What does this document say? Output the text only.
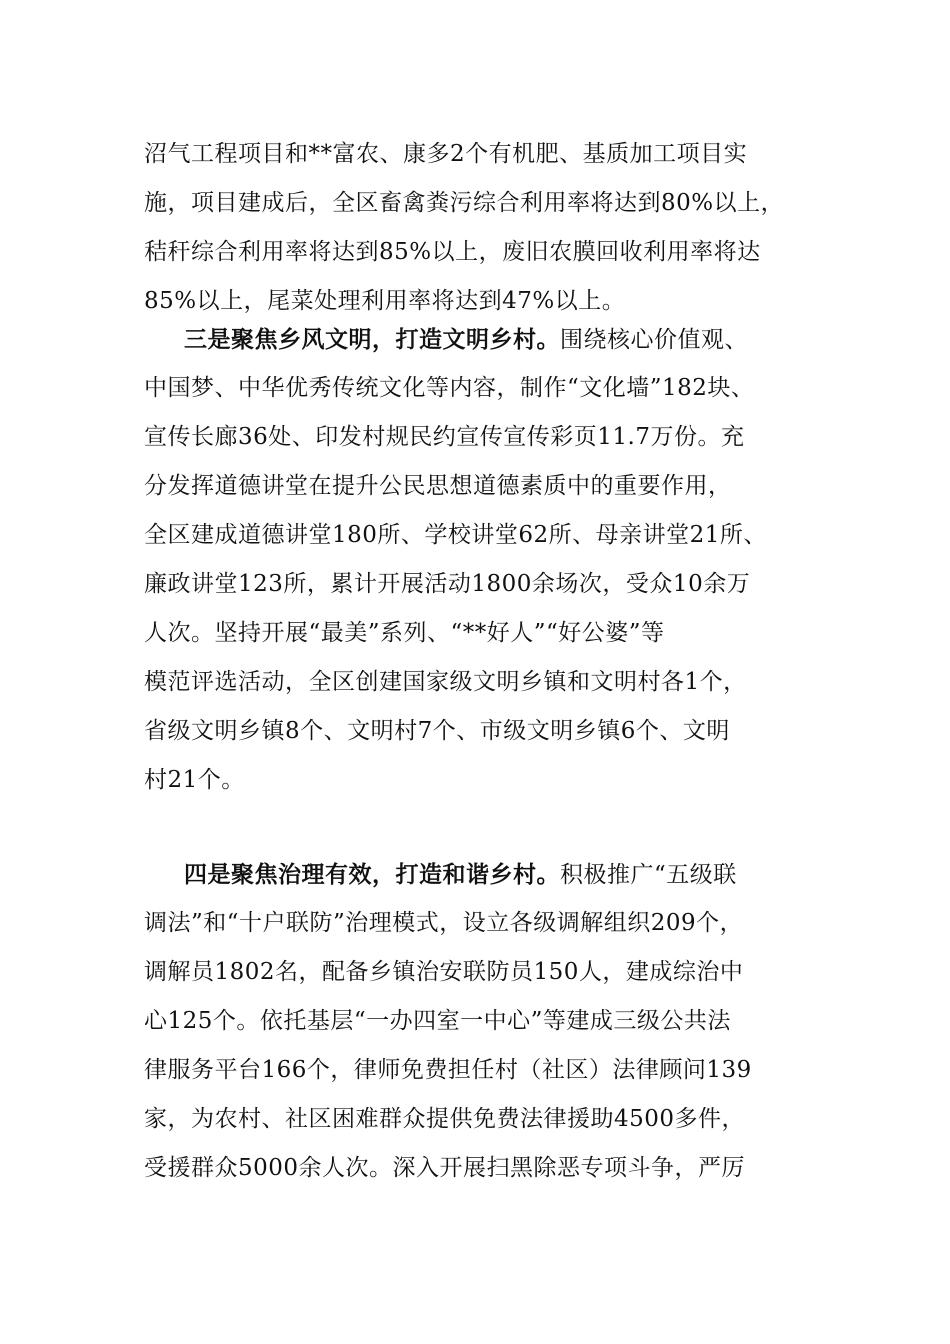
沼气工程项目和**富农、康多2个有机肥、基质加工项目实
施，项目建成后，全区畜禽粪污综合利用率将达到80%以上，
秸秆综合利用率将达到85%以上，废旧农膜回收利用率将达
85%以上，尾菜处理利用率将达到47%以上。
三是聚焦乡风文明，打造文明乡村。围绕核心价值观、
中国梦、中华优秀传统文化等内容，制作“文化墙”182块、
宣传长廊36处、印发村规民约宣传宣传彩页11.7万份。充
分发挥道德讲堂在提升公民思想道德素质中的重要作用，
全区建成道德讲堂180所、学校讲堂62所、母亲讲堂21所、
廉政讲堂123所，累计开展活动1800余场次，受众10余万
人次。坚持开展“最美”系列、“**好人”“好公婆”等
模范评选活动，全区创建国家级文明乡镇和文明村各1个，
省级文明乡镇8个、文明村7个、市级文明乡镇6个、文明
村21个。
四是聚焦治理有效，打造和谐乡村。积极推广“五级联
调法”和“十户联防”治理模式，设立各级调解组织209个，
调解员1802名，配备乡镇治安联防员150人，建成综治中
心125个。依托基层“一办四室一中心”等建成三级公共法
律服务平台166个，律师免费担任村（社区）法律顾问139
家，为农村、社区困难群众提供免费法律援助4500多件，
受援群众5000余人次。深入开展扫黑除恶专项斗争，严厉
